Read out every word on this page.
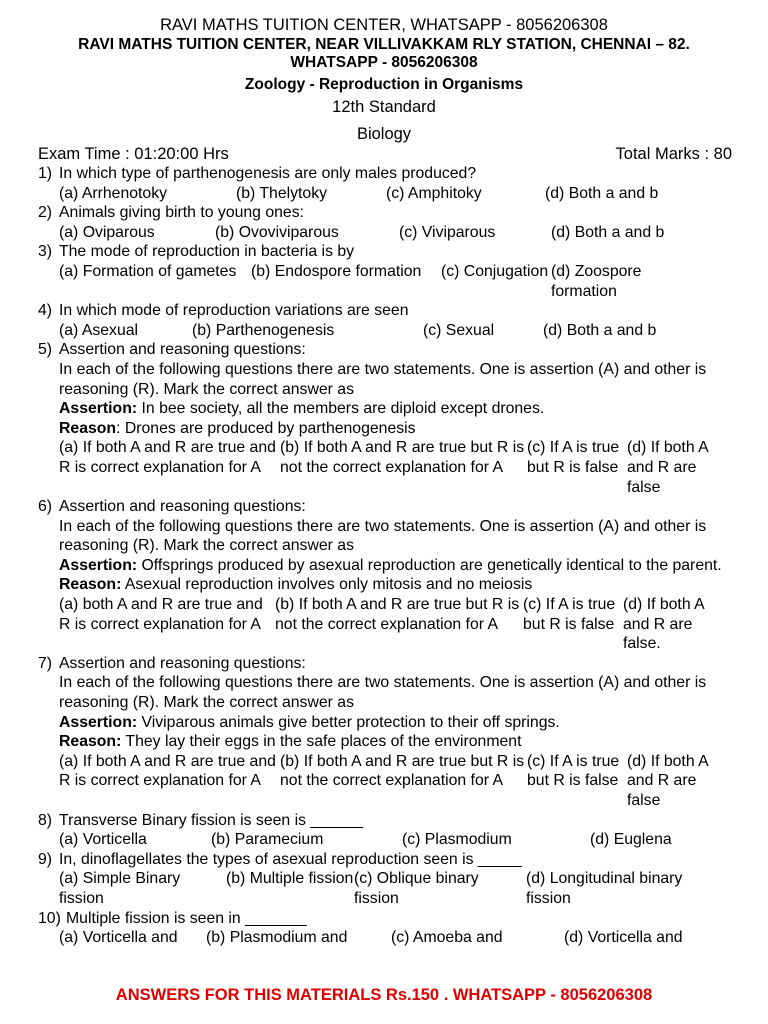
RAVI MATHS TUITION CENTER, WHATSAPP - 8056206308
RAVI MATHS TUITION CENTER, NEAR VILLIVAKKAM RLY STATION, CHENNAI – 82.
WHATSAPP - 8056206308
Zoology - Reproduction in Organisms
12th Standard
Biology
Exam Time : 01:20:00 Hrs	Total Marks : 80
1) In which type of parthenogenesis are only males produced?
(a) Arrhenotoky	(b) Thelytoky	(c) Amphitoky	(d) Both a and b
2) Animals giving birth to young ones:
(a) Oviparous	(b) Ovoviviparous	(c) Viviparous	(d) Both a and b
3) The mode of reproduction in bacteria is by
(a) Formation of gametes (b) Endospore formation	(c) Conjugation (d) Zoospore formation
4) In which mode of reproduction variations are seen
(a) Asexual	(b) Parthenogenesis	(c) Sexual	(d) Both a and b
5) Assertion and reasoning questions:
In each of the following questions there are two statements. One is assertion (A) and other is reasoning (R). Mark the correct answer as
Assertion: In bee society, all the members are diploid except drones.
Reason: Drones are produced by parthenogenesis
(a) If both A and R are true and R is correct explanation for A
(b) If both A and R are true but R is not the correct explanation for A
(c) If A is true but R is false
(d) If both A and R are false
6) Assertion and reasoning questions:
In each of the following questions there are two statements. One is assertion (A) and other is reasoning (R). Mark the correct answer as
Assertion: Offsprings produced by asexual reproduction are genetically identical to the parent.
Reason: Asexual reproduction involves only mitosis and no meiosis
(a) both A and R are true and R is correct explanation for A
(b) If both A and R are true but R is not the correct explanation for A
(c) If A is true but R is false
(d) If both A and R are false.
7) Assertion and reasoning questions:
In each of the following questions there are two statements. One is assertion (A) and other is reasoning (R). Mark the correct answer as
Assertion: Viviparous animals give better protection to their off springs.
Reason: They lay their eggs in the safe places of the environment
(a) If both A and R are true and R is correct explanation for A
(b) If both A and R are true but R is not the correct explanation for A
(c) If A is true but R is false
(d) If both A and R are false
8) Transverse Binary fission is seen is ______
(a) Vorticella	(b) Paramecium	(c) Plasmodium	(d) Euglena
9) In, dinoflagellates the types of asexual reproduction seen is _____
(a) Simple Binary fission
(b) Multiple fission (c) Oblique binary fission
(d) Longitudinal binary fission
10) Multiple fission is seen in _______
(a) Vorticella and	(b) Plasmodium and	(c) Amoeba and	(d) Vorticella and
ANSWERS FOR THIS MATERIALS Rs.150 . WHATSAPP - 8056206308
